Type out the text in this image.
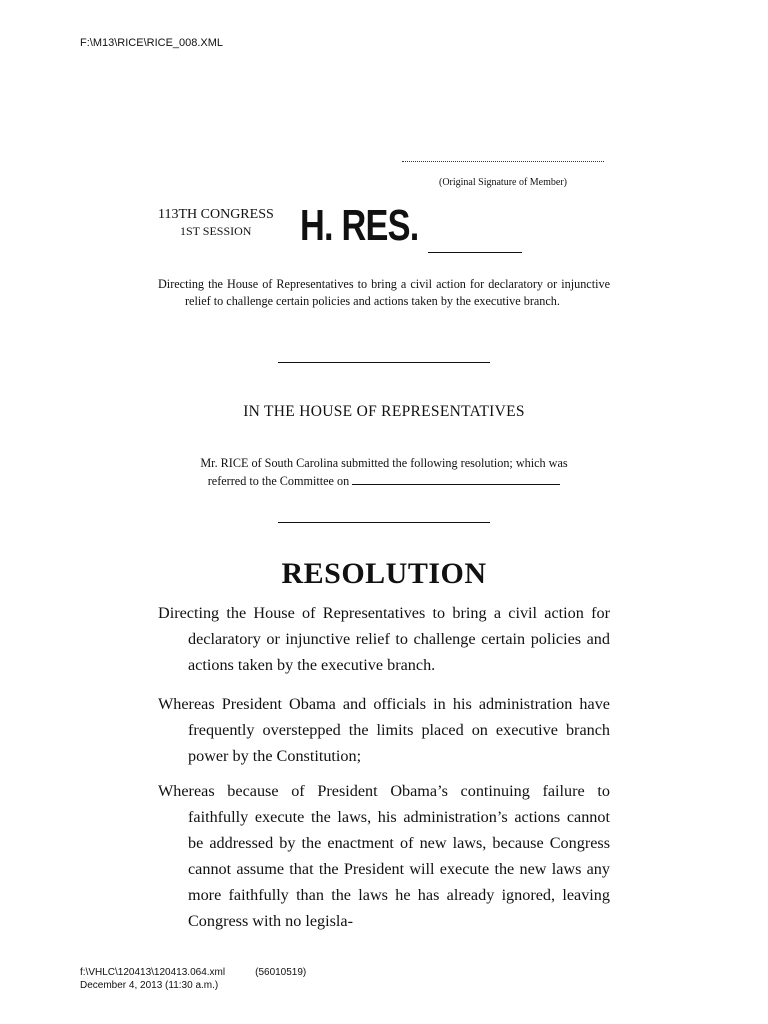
F:\M13\RICE\RICE_008.XML
(Original Signature of Member)
113TH CONGRESS
1ST SESSION	H. RES.
Directing the House of Representatives to bring a civil action for declaratory or injunctive relief to challenge certain policies and actions taken by the executive branch.
IN THE HOUSE OF REPRESENTATIVES
Mr. RICE of South Carolina submitted the following resolution; which was
referred to the Committee on
RESOLUTION
Directing the House of Representatives to bring a civil action for declaratory or injunctive relief to challenge certain policies and actions taken by the executive branch.
Whereas President Obama and officials in his administration have frequently overstepped the limits placed on executive branch power by the Constitution;
Whereas because of President Obama’s continuing failure to faithfully execute the laws, his administration’s actions cannot be addressed by the enactment of new laws, because Congress cannot assume that the President will execute the new laws any more faithfully than the laws he has already ignored, leaving Congress with no legisla-
f:\VHLC\120413\120413.064.xml	(56010519)
December 4, 2013 (11:30 a.m.)
